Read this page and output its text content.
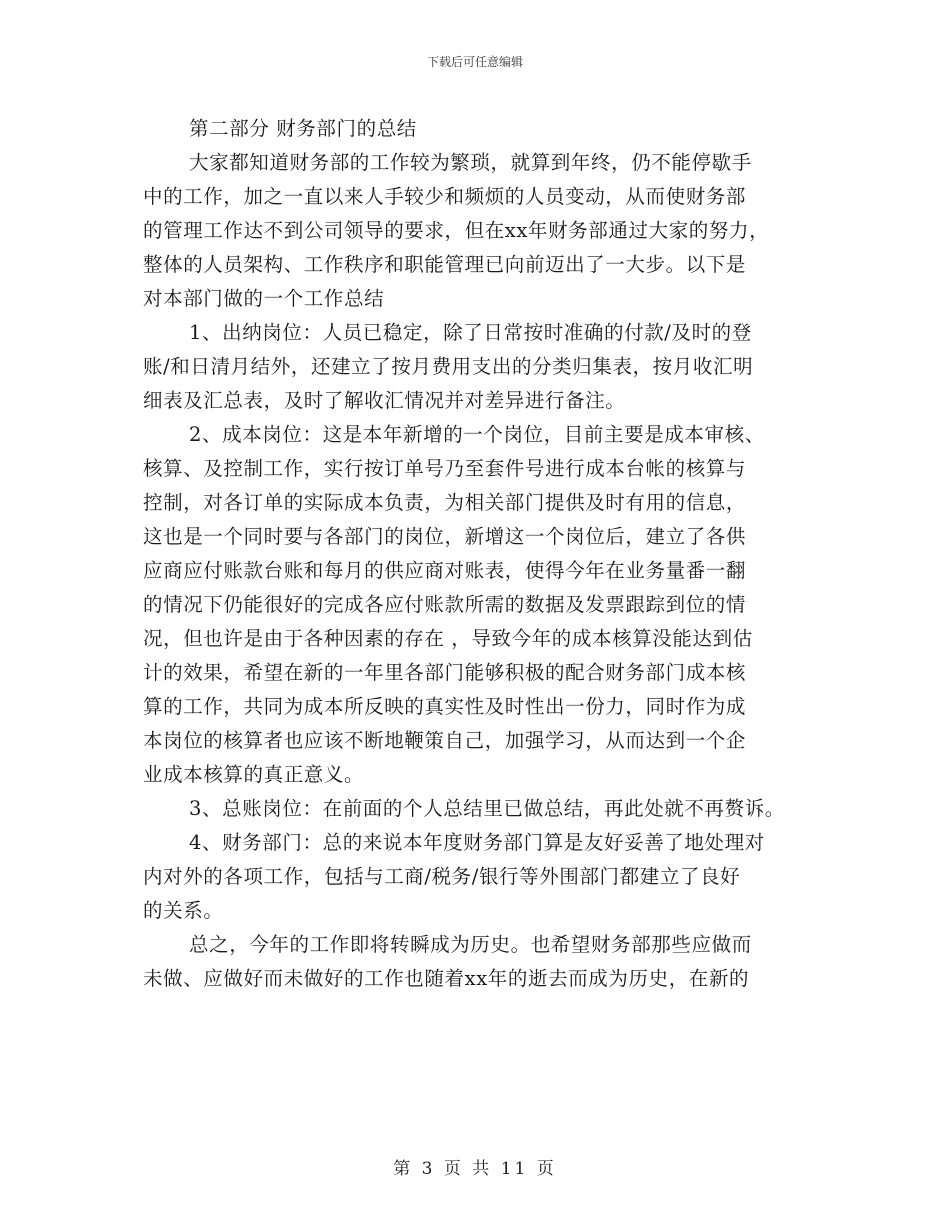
下载后可任意编辑
第二部分 财务部门的总结
大家都知道财务部的工作较为繁琐，就算到年终，仍不能停歇手
中的工作，加之一直以来人手较少和频烦的人员变动，从而使财务部
的管理工作达不到公司领导的要求，但在xx年财务部通过大家的努力，
整体的人员架构、工作秩序和职能管理已向前迈出了一大步。以下是
对本部门做的一个工作总结
1、出纳岗位：人员已稳定，除了日常按时准确的付款/及时的登
账/和日清月结外，还建立了按月费用支出的分类归集表，按月收汇明
细表及汇总表，及时了解收汇情况并对差异进行备注。
2、成本岗位：这是本年新增的一个岗位，目前主要是成本审核、
核算、及控制工作，实行按订单号乃至套件号进行成本台帐的核算与
控制，对各订单的实际成本负责，为相关部门提供及时有用的信息，
这也是一个同时要与各部门的岗位，新增这一个岗位后，建立了各供
应商应付账款台账和每月的供应商对账表，使得今年在业务量番一翻
的情况下仍能很好的完成各应付账款所需的数据及发票跟踪到位的情
况，但也许是由于各种因素的存在 ，导致今年的成本核算没能达到估
计的效果，希望在新的一年里各部门能够积极的配合财务部门成本核
算的工作，共同为成本所反映的真实性及时性出一份力，同时作为成
本岗位的核算者也应该不断地鞭策自己，加强学习，从而达到一个企
业成本核算的真正意义。
3、总账岗位：在前面的个人总结里已做总结，再此处就不再赘诉。
4、财务部门：总的来说本年度财务部门算是友好妥善了地处理对
内对外的各项工作，包括与工商/税务/银行等外围部门都建立了良好
的关系。
总之，今年的工作即将转瞬成为历史。也希望财务部那些应做而
未做、应做好而未做好的工作也随着xx年的逝去而成为历史，在新的
第 3 页 共 11 页
